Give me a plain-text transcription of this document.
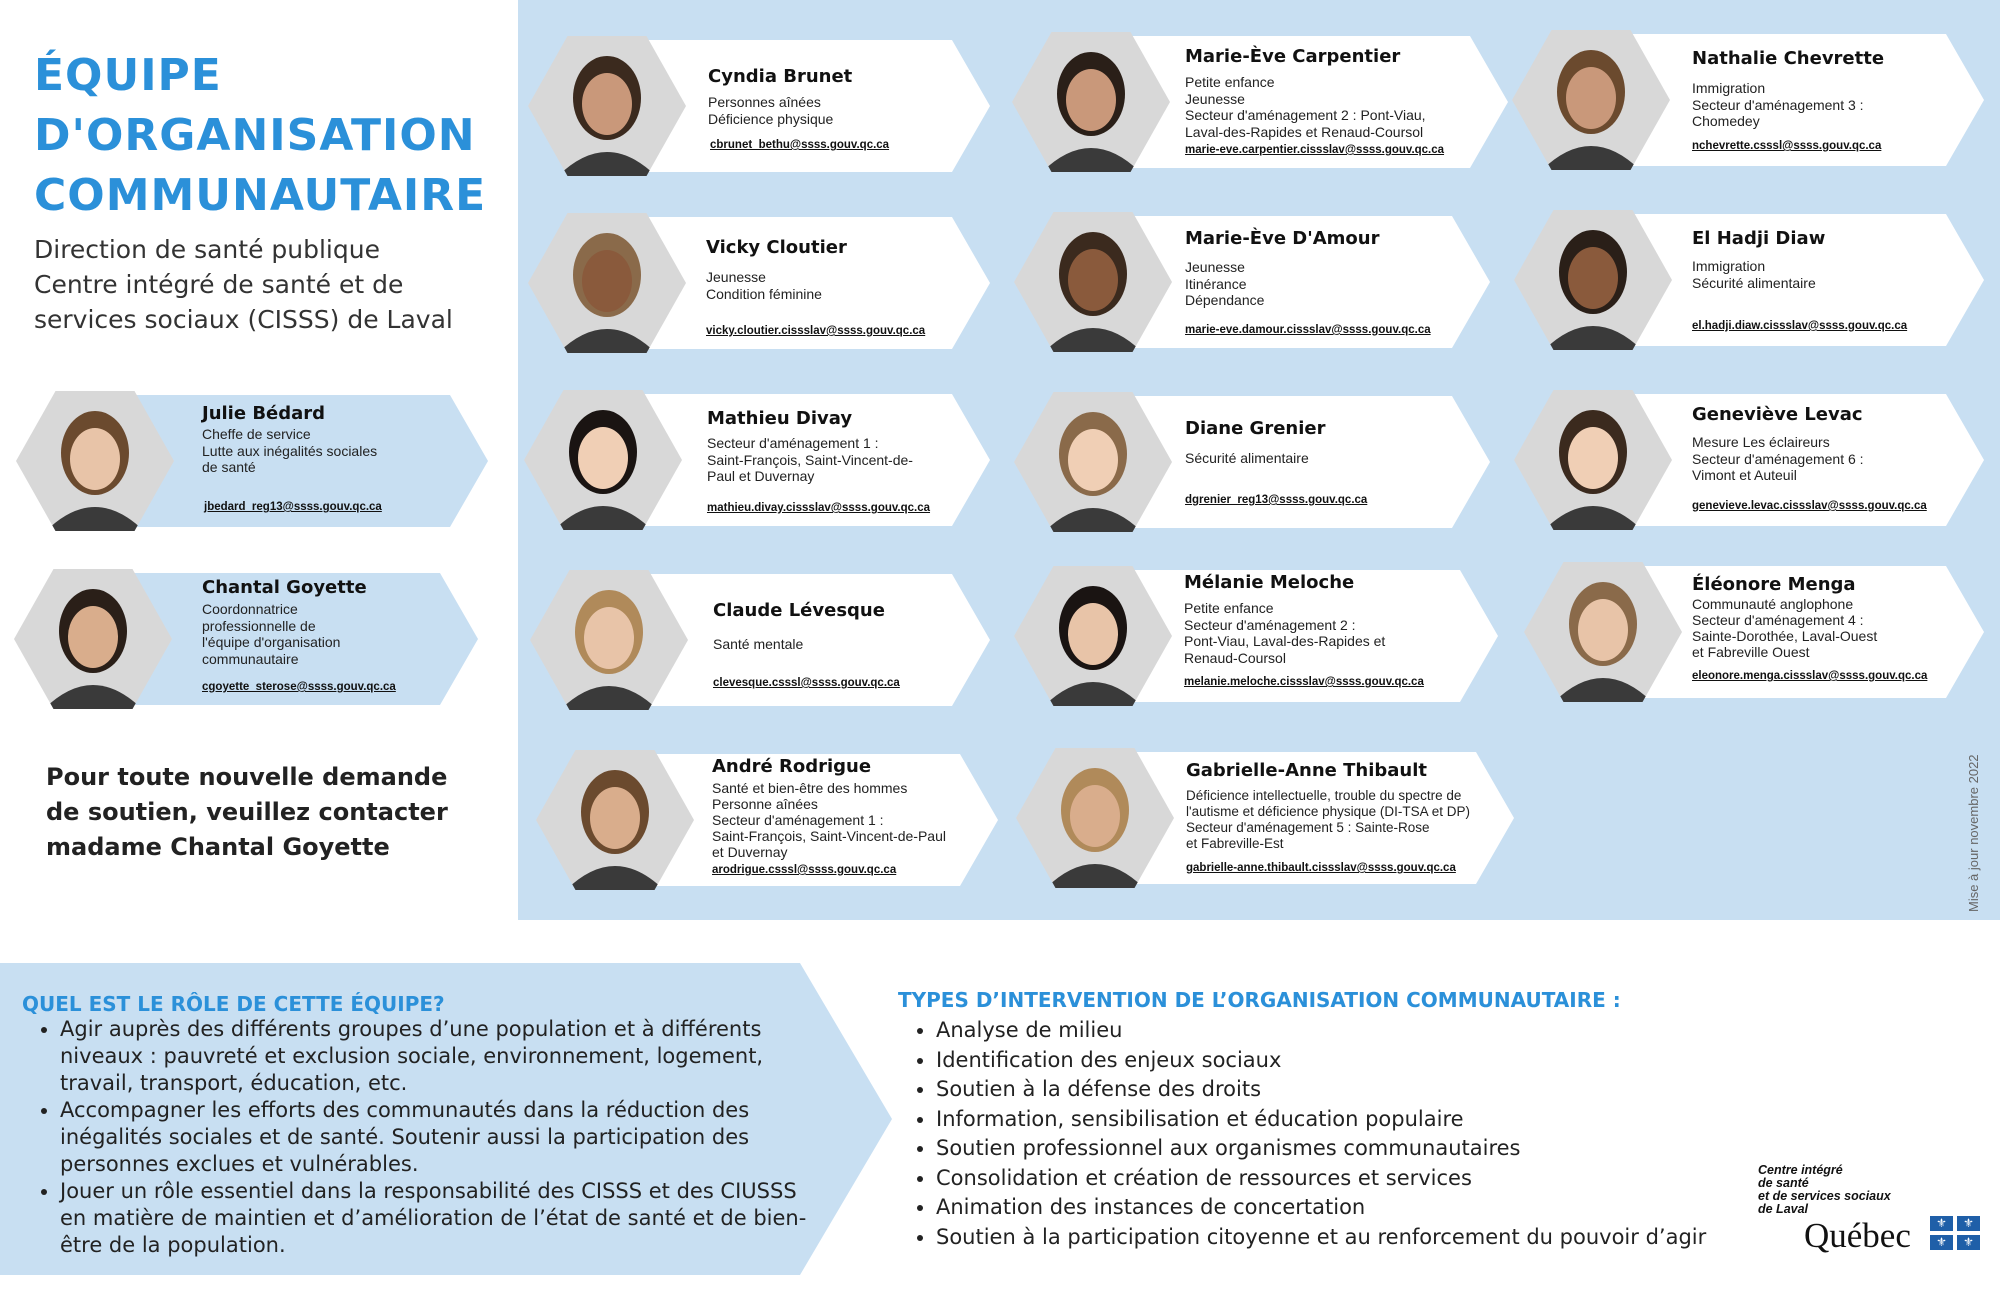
ÉQUIPE
D'ORGANISATION
COMMUNAUTAIRE
Direction de santé publique
Centre intégré de santé et de
services sociaux (CISSS) de Laval
Julie Bédard
Cheffe de service
Lutte aux inégalités sociales
de santé
jbedard_reg13@ssss.gouv.qc.ca
Chantal Goyette
Coordonnatrice
professionnelle de
l'équipe d'organisation
communautaire
cgoyette_sterose@ssss.gouv.qc.ca
Pour toute nouvelle demande
de soutien, veuillez contacter
madame Chantal Goyette
Cyndia Brunet
Personnes aînées
Déficience physique
cbrunet_bethu@ssss.gouv.qc.ca
Vicky Cloutier
Jeunesse
Condition féminine
vicky.cloutier.cissslav@ssss.gouv.qc.ca
Mathieu Divay
Secteur d'aménagement 1 :
Saint-François, Saint-Vincent-de-
Paul et Duvernay
mathieu.divay.cissslav@ssss.gouv.qc.ca
Claude Lévesque
Santé mentale
clevesque.csssl@ssss.gouv.qc.ca
André Rodrigue
Santé et bien-être des hommes
Personne aînées
Secteur d'aménagement 1 :
Saint-François, Saint-Vincent-de-Paul
et Duvernay
arodrigue.csssl@ssss.gouv.qc.ca
Marie-Ève Carpentier
Petite enfance
Jeunesse
Secteur d'aménagement 2 : Pont-Viau,
Laval-des-Rapides et Renaud-Coursol
marie-eve.carpentier.cissslav@ssss.gouv.qc.ca
Marie-Ève D'Amour
Jeunesse
Itinérance
Dépendance
marie-eve.damour.cissslav@ssss.gouv.qc.ca
Diane Grenier
Sécurité alimentaire
dgrenier_reg13@ssss.gouv.qc.ca
Mélanie Meloche
Petite enfance
Secteur d'aménagement 2 :
Pont-Viau, Laval-des-Rapides et
Renaud-Coursol
melanie.meloche.cissslav@ssss.gouv.qc.ca
Gabrielle-Anne Thibault
Déficience intellectuelle, trouble du spectre de
l'autisme et déficience physique (DI-TSA et DP)
Secteur d'aménagement 5 : Sainte-Rose
et Fabreville-Est
gabrielle-anne.thibault.cissslav@ssss.gouv.qc.ca
Nathalie Chevrette
Immigration
Secteur d'aménagement 3 :
Chomedey
nchevrette.csssl@ssss.gouv.qc.ca
El Hadji Diaw
Immigration
Sécurité alimentaire
el.hadji.diaw.cissslav@ssss.gouv.qc.ca
Geneviève Levac
Mesure Les éclaireurs
Secteur d'aménagement 6 :
Vimont et Auteuil
genevieve.levac.cissslav@ssss.gouv.qc.ca
Éléonore Menga
Communauté anglophone
Secteur d'aménagement 4 :
Sainte-Dorothée, Laval-Ouest
et Fabreville Ouest
eleonore.menga.cissslav@ssss.gouv.qc.ca
Mise à jour novembre 2022
QUEL EST LE RÔLE DE CETTE ÉQUIPE?
• Agir auprès des différents groupes d’une population et à différents niveaux : pauvreté et exclusion sociale, environnement, logement, travail, transport, éducation, etc.
• Accompagner les efforts des communautés dans la réduction des inégalités sociales et de santé. Soutenir aussi la participation des personnes exclues et vulnérables.
• Jouer un rôle essentiel dans la responsabilité des CISSS et des CIUSSS en matière de maintien et d’amélioration de l’état de santé et de bien-être de la population.
TYPES D’INTERVENTION DE L’ORGANISATION COMMUNAUTAIRE :
• Analyse de milieu
• Identification des enjeux sociaux
• Soutien à la défense des droits
• Information, sensibilisation et éducation populaire
• Soutien professionnel aux organismes communautaires
• Consolidation et création de ressources et services
• Animation des instances de concertation
• Soutien à la participation citoyenne et au renforcement du pouvoir d’agir
Centre intégré
de santé
et de services sociaux
de Laval
Québec	⚜	⚜
⚜	⚜
